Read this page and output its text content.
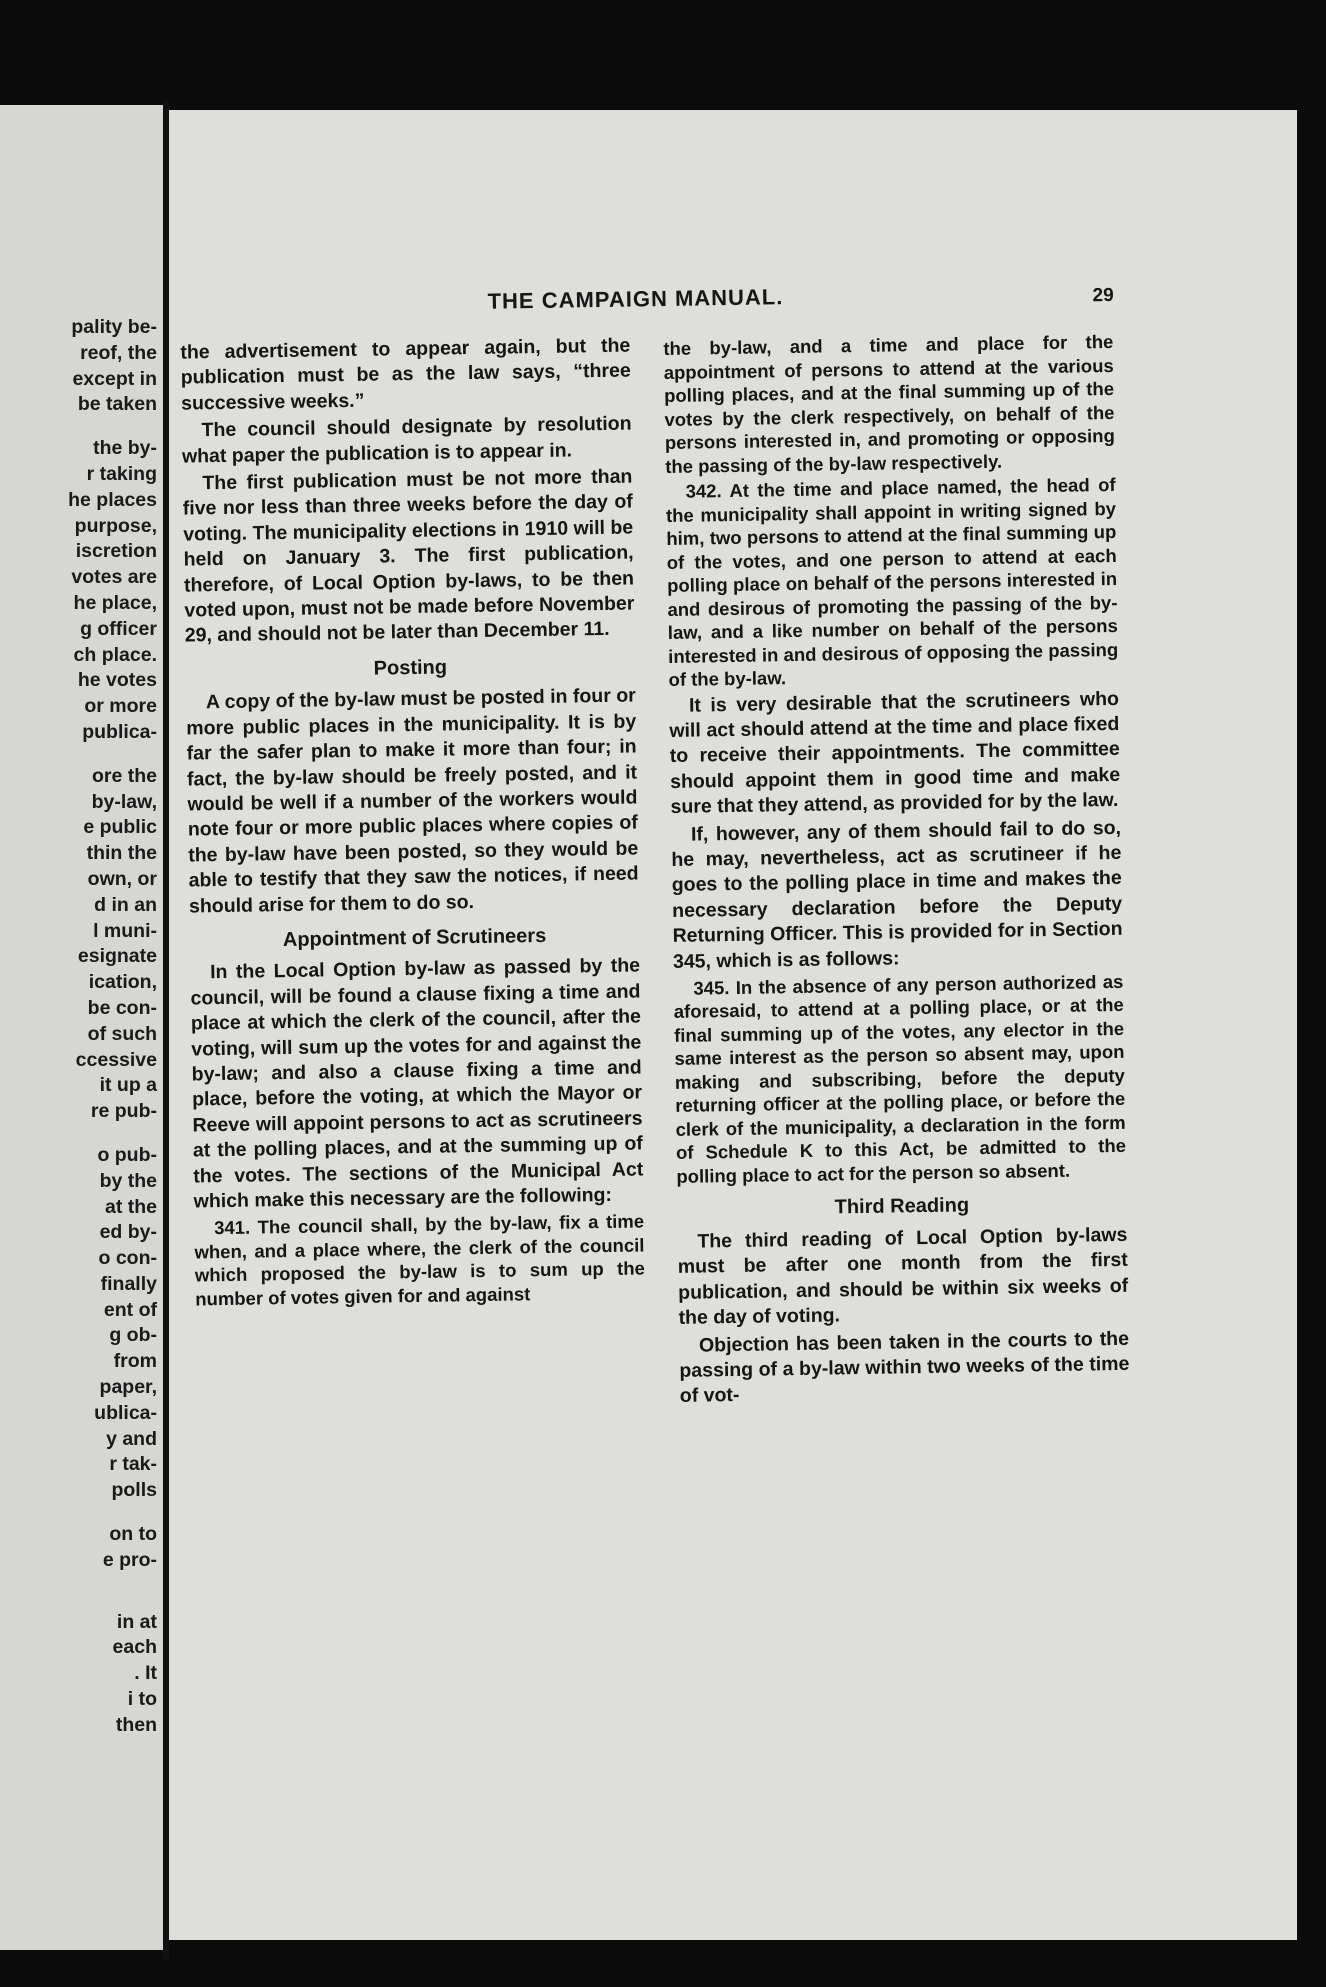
pality be-
reof, the
except in
be taken
the by-
r taking
he places
purpose,
iscretion
votes are
he place,
g officer
ch place.
he votes
or more
publica-
ore the
by-law,
e public
thin the
own, or
d in an
l muni-
esignate
ication,
be con-
of such
ccessive
it up a
re pub-
o pub-
by the
at the
ed by-
o con-
finally
ent of
g ob-
from
paper,
ublica-
y and
r tak-
polls
on to
e pro-
in at
each
. It
i to
then
THE CAMPAIGN MANUAL.	29

the advertisement to appear again, but the publication must be as the law says, “three successive weeks.”

The council should designate by resolution what paper the publication is to appear in.

The first publication must be not more than five nor less than three weeks before the day of voting. The municipality elections in 1910 will be held on January 3. The first publication, therefore, of Local Option by-laws, to be then voted upon, must not be made before November 29, and should not be later than December 11.

Posting

A copy of the by-law must be posted in four or more public places in the municipality. It is by far the safer plan to make it more than four; in fact, the by-law should be freely posted, and it would be well if a number of the workers would note four or more public places where copies of the by-law have been posted, so they would be able to testify that they saw the notices, if need should arise for them to do so.

Appointment of Scrutineers

In the Local Option by-law as passed by the council, will be found a clause fixing a time and place at which the clerk of the council, after the voting, will sum up the votes for and against the by-law; and also a clause fixing a time and place, before the voting, at which the Mayor or Reeve will appoint persons to act as scrutineers at the polling places, and at the summing up of the votes. The sections of the Municipal Act which make this necessary are the following:

341. The council shall, by the by-law, fix a time when, and a place where, the clerk of the council which proposed the by-law is to sum up the number of votes given for and against

the by-law, and a time and place for the appointment of persons to attend at the various polling places, and at the final summing up of the votes by the clerk respectively, on behalf of the persons interested in, and promoting or opposing the passing of the by-law respectively.

342. At the time and place named, the head of the municipality shall appoint in writing signed by him, two persons to attend at the final summing up of the votes, and one person to attend at each polling place on behalf of the persons interested in and desirous of promoting the passing of the by-law, and a like number on behalf of the persons interested in and desirous of opposing the passing of the by-law.

It is very desirable that the scrutineers who will act should attend at the time and place fixed to receive their appointments. The committee should appoint them in good time and make sure that they attend, as provided for by the law.

If, however, any of them should fail to do so, he may, nevertheless, act as scrutineer if he goes to the polling place in time and makes the necessary declaration before the Deputy Returning Officer. This is provided for in Section 345, which is as follows:

345. In the absence of any person authorized as aforesaid, to attend at a polling place, or at the final summing up of the votes, any elector in the same interest as the person so absent may, upon making and subscribing, before the deputy returning officer at the polling place, or before the clerk of the municipality, a declaration in the form of Schedule K to this Act, be admitted to the polling place to act for the person so absent.

Third Reading

The third reading of Local Option by-laws must be after one month from the first publication, and should be within six weeks of the day of voting.

Objection has been taken in the courts to the passing of a by-law within two weeks of the time of vot-
